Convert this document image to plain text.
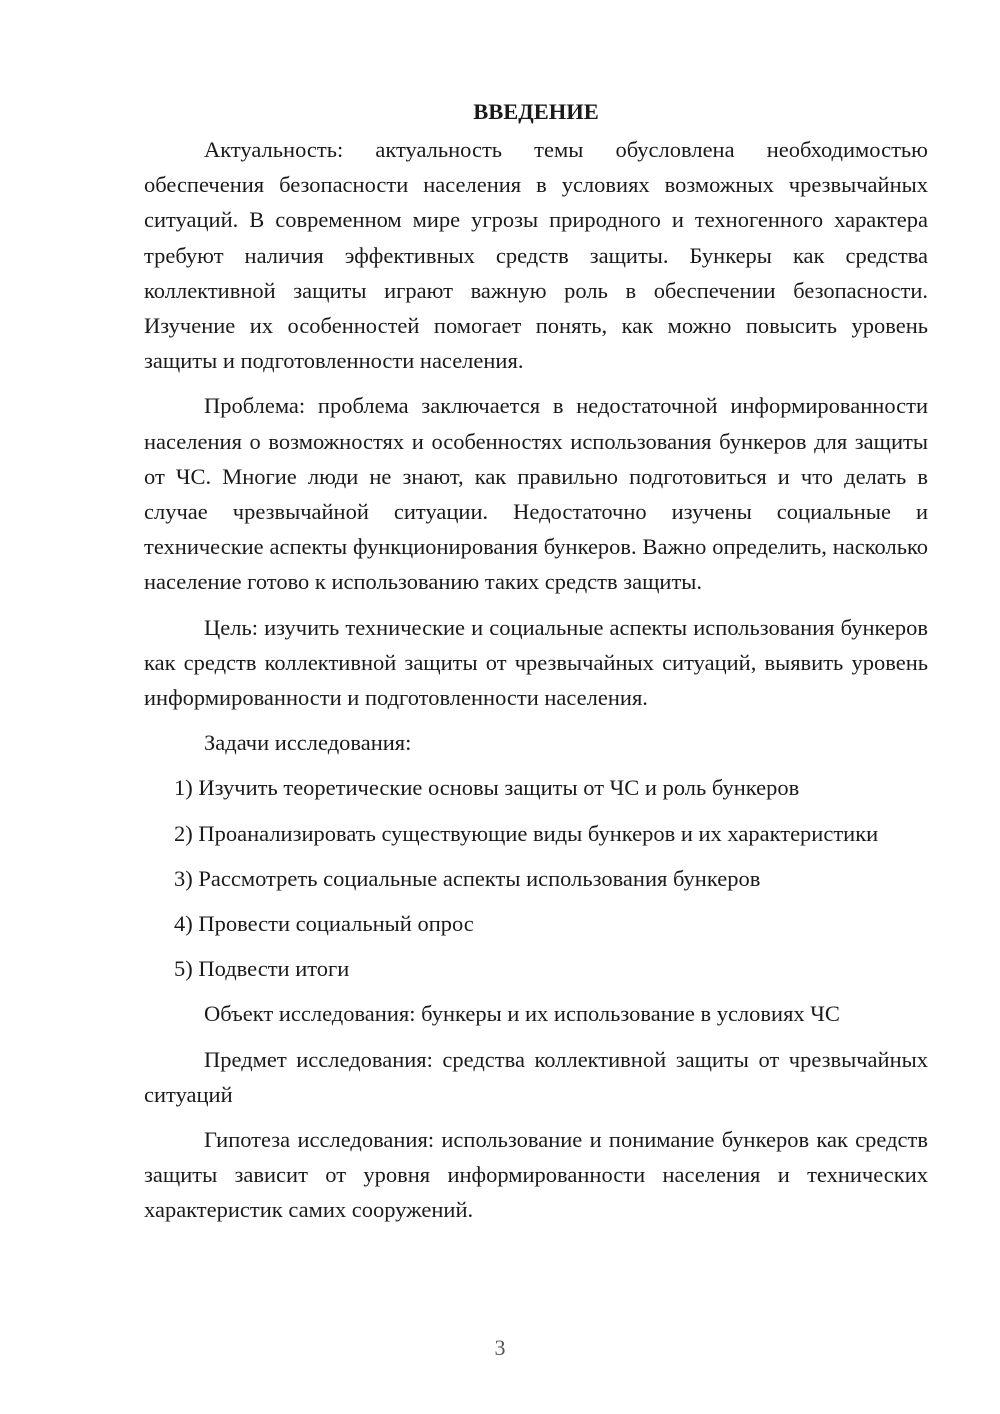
ВВЕДЕНИЕ

Актуальность: актуальность темы обусловлена необходимостью обеспечения безопасности населения в условиях возможных чрезвычайных ситуаций. В современном мире угрозы природного и техногенного характера требуют наличия эффективных средств защиты. Бункеры как средства коллективной защиты играют важную роль в обеспечении безопасности. Изучение их особенностей помогает понять, как можно повысить уровень защиты и подготовленности населения.

Проблема: проблема заключается в недостаточной информированности населения о возможностях и особенностях использования бункеров для защиты от ЧС. Многие люди не знают, как правильно подготовиться и что делать в случае чрезвычайной ситуации. Недостаточно изучены социальные и технические аспекты функционирования бункеров. Важно определить, насколько население готово к использованию таких средств защиты.

Цель: изучить технические и социальные аспекты использования бункеров как средств коллективной защиты от чрезвычайных ситуаций, выявить уровень информированности и подготовленности населения.

Задачи исследования:

1) Изучить теоретические основы защиты от ЧС и роль бункеров

2) Проанализировать существующие виды бункеров и их характеристики

3) Рассмотреть социальные аспекты использования бункеров

4) Провести социальный опрос

5) Подвести итоги

Объект исследования: бункеры и их использование в условиях ЧС

Предмет исследования: средства коллективной защиты от чрезвычайных ситуаций

Гипотеза исследования: использование и понимание бункеров как средств защиты зависит от уровня информированности населения и технических характеристик самих сооружений.

3
